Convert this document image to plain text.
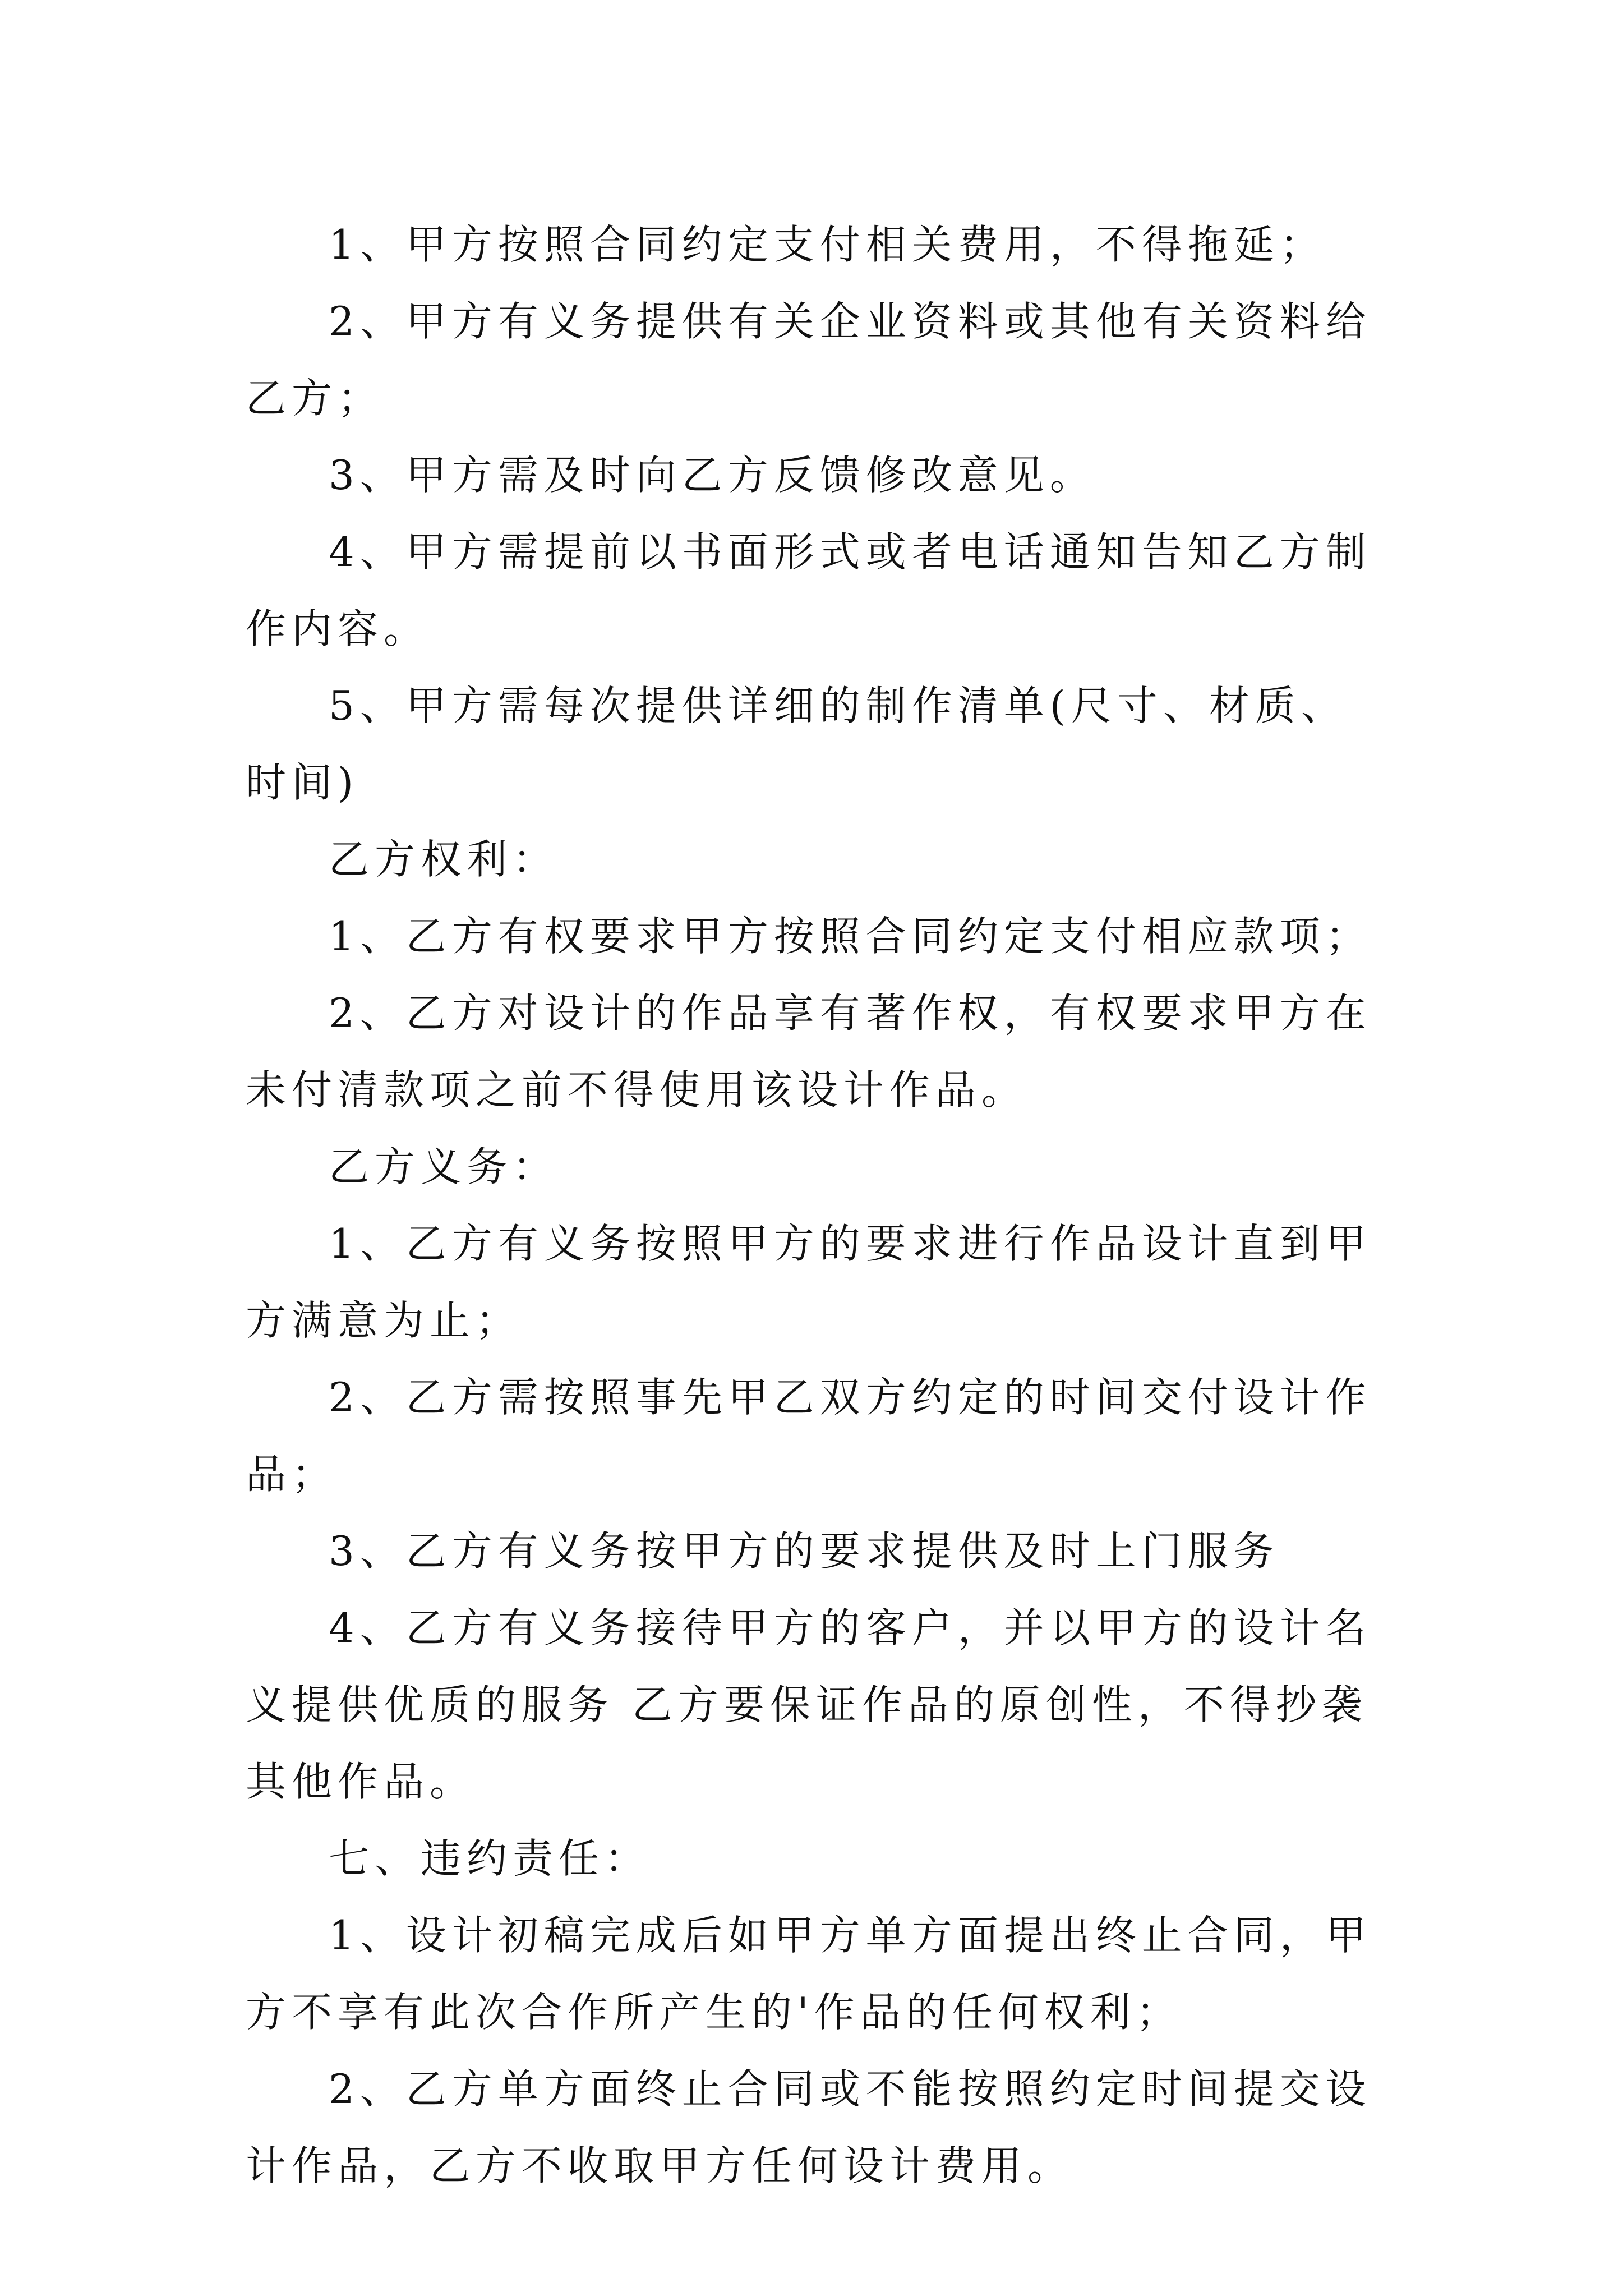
1、甲方按照合同约定支付相关费用，不得拖延；

2、甲方有义务提供有关企业资料或其他有关资料给乙方；

3、甲方需及时向乙方反馈修改意见。

4、甲方需提前以书面形式或者电话通知告知乙方制作内容。

5、甲方需每次提供详细的制作清单(尺寸、材质、时间)

乙方权利：

1、乙方有权要求甲方按照合同约定支付相应款项；

2、乙方对设计的作品享有著作权，有权要求甲方在未付清款项之前不得使用该设计作品。

乙方义务：

1、乙方有义务按照甲方的要求进行作品设计直到甲方满意为止；

2、乙方需按照事先甲乙双方约定的时间交付设计作品；

3、乙方有义务按甲方的要求提供及时上门服务

4、乙方有义务接待甲方的客户，并以甲方的设计名义提供优质的服务 乙方要保证作品的原创性，不得抄袭其他作品。

七、违约责任：

1、设计初稿完成后如甲方单方面提出终止合同，甲方不享有此次合作所产生的'作品的任何权利；

2、乙方单方面终止合同或不能按照约定时间提交设计作品，乙方不收取甲方任何设计费用。
